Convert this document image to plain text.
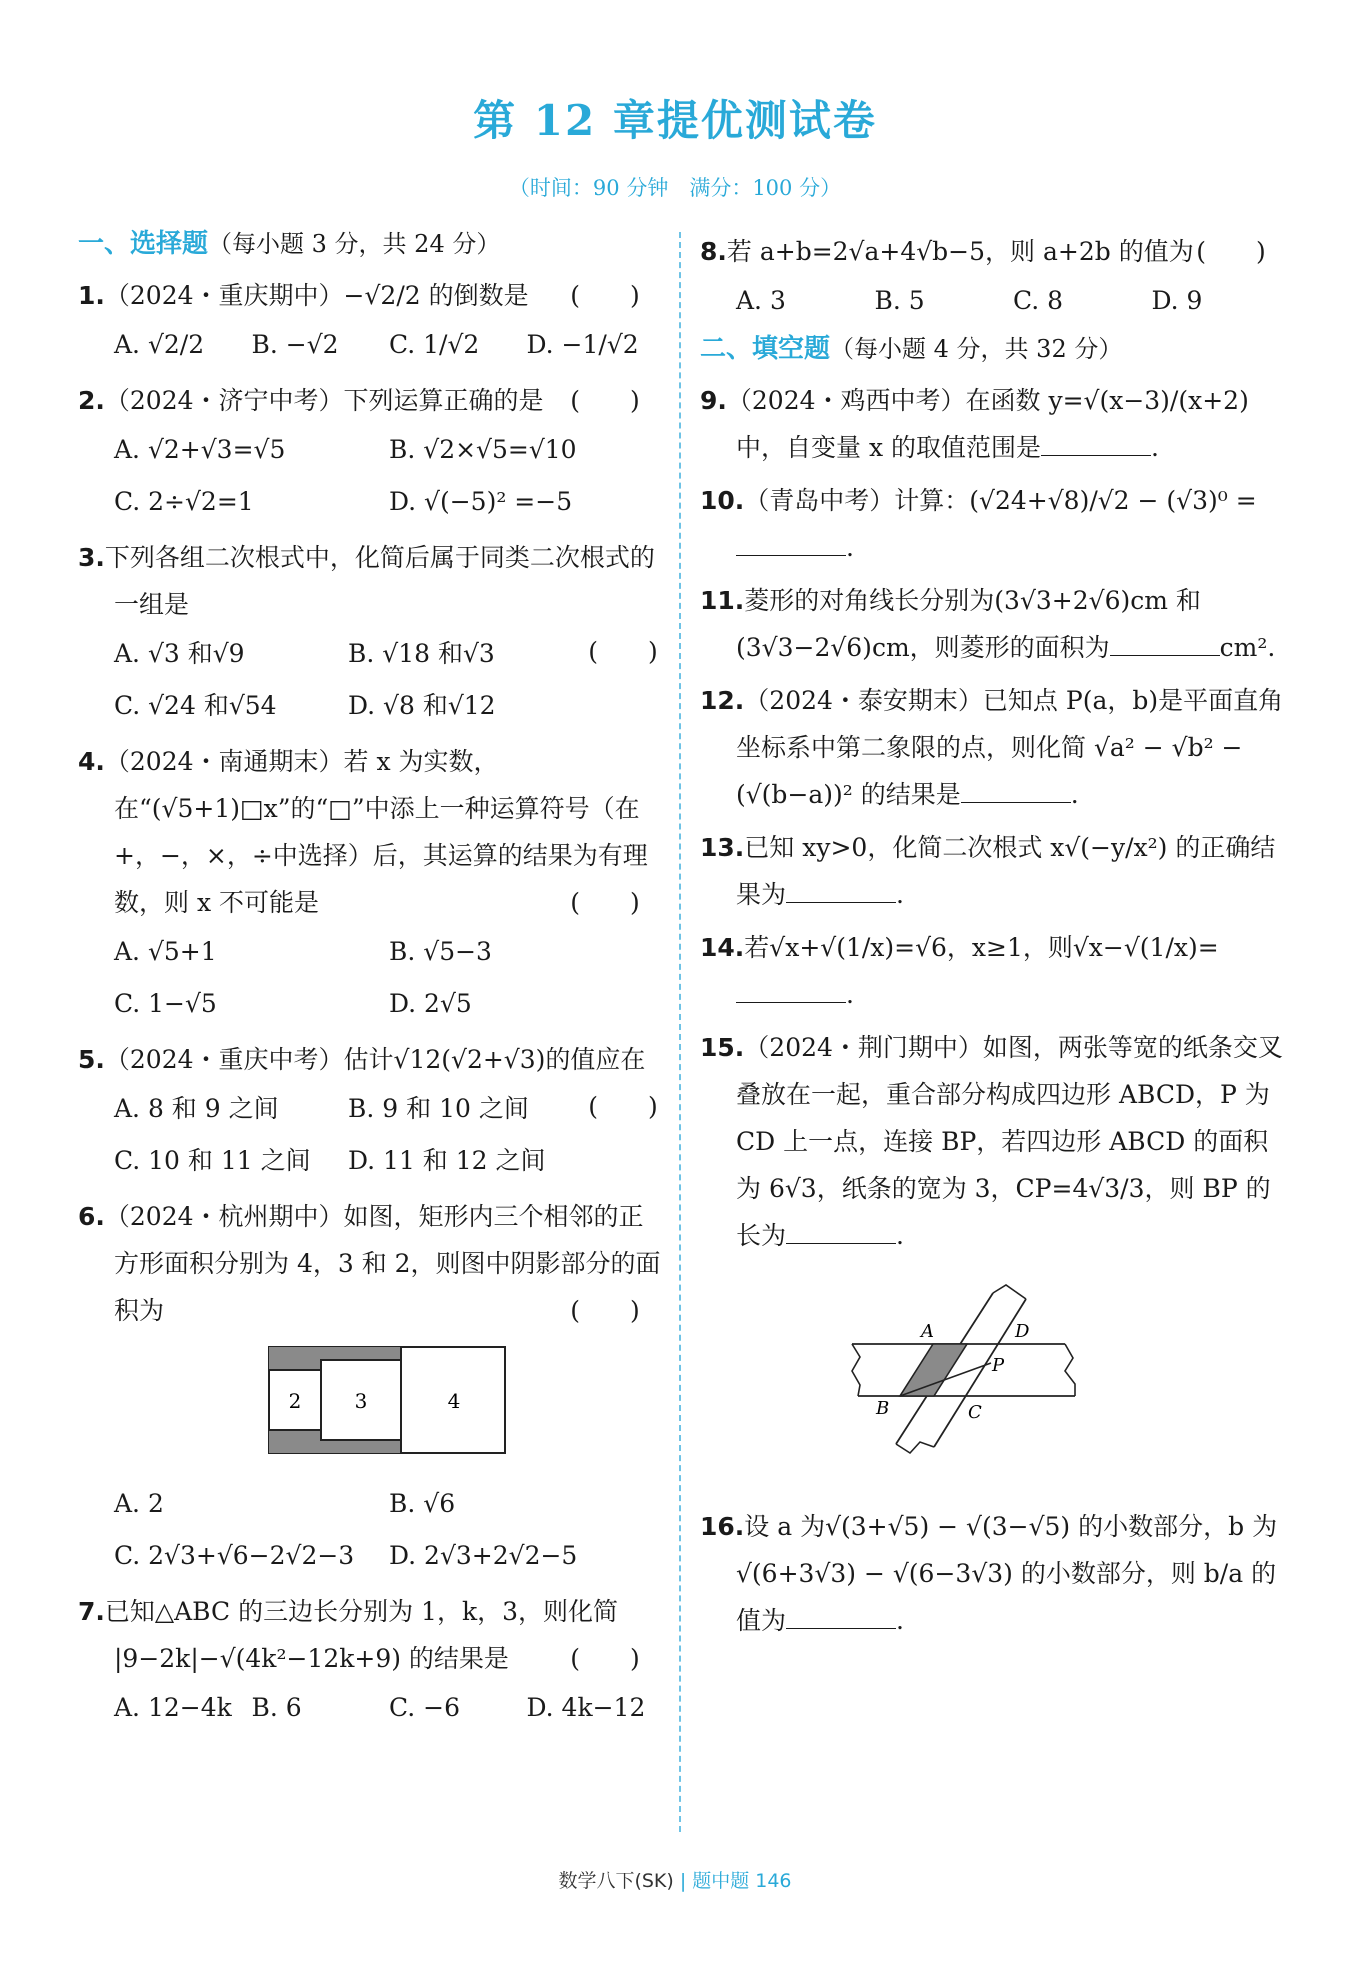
第 12 章提优测试卷
（时间：90 分钟　满分：100 分）
一、选择题（每小题 3 分，共 24 分）
1.	(　　)
（2024・重庆期中）−√2/2 的倒数是
A. √2/2	B. −√2	C. 1/√2	D. −1/√2
2.	(　　)
（2024・济宁中考）下列运算正确的是
A. √2+√3=√5	B. √2×√5=√10
C. 2÷√2=1	D. √(−5)² =−5
3.下列各组二次根式中，化简后属于同类二次根式的一组是
(　　)
A. √3 和√9	B. √18 和√3
C. √24 和√54	D. √8 和√12
4.（2024・南通期末）若 x 为实数，在“(√5+1)□x”的“□”中添上一种运算符号（在+，−，×，÷中选择）后，其运算的结果为有理数，则 x 不可能是	(　　)
A. √5+1	B. √5−3
C. 1−√5	D. 2√5
5.（2024・重庆中考）估计√12(√2+√3)的值应在
(　　)
A. 8 和 9 之间	B. 9 和 10 之间
C. 10 和 11 之间	D. 11 和 12 之间
6.（2024・杭州期中）如图，矩形内三个相邻的正方形面积分别为 4，3 和 2，则图中阴影部分的面积为	(　　)
2	3	4
A. 2	B. √6
C. 2√3+√6−2√2−3	D. 2√3+2√2−5
7.已知△ABC 的三边长分别为 1，k，3，则化简 |9−2k|−√(4k²−12k+9) 的结果是 (　　)
A. 12−4k B. 6	C. −6	D. 4k−12
8.	(　　)
若 a+b=2√a+4√b−5，则 a+2b 的值为
A. 3	B. 5	C. 8	D. 9
二、填空题（每小题 4 分，共 32 分）
9.（2024・鸡西中考）在函数 y=√(x−3)/(x+2) 中，自变量 x 的取值范围是	.
10.（青岛中考）计算：(√24+√8)/√2 − (√3)⁰ =.
11.菱形的对角线长分别为(3√3+2√6)cm 和(3√3−2√6)cm，则菱形的面积为	cm².
12.（2024・泰安期末）已知点 P(a，b)是平面直角坐标系中第二象限的点，则化简 √a² − √b² − (√(b−a))² 的结果是	.
13.已知 xy>0，化简二次根式 x√(−y/x²) 的正确结果为	.
14.若√x+√(1/x)=√6，x≥1，则√x−√(1/x)=.
15.（2024・荆门期中）如图，两张等宽的纸条交叉叠放在一起，重合部分构成四边形 ABCD，P 为 CD 上一点，连接 BP，若四边形 ABCD 的面积为 6√3，纸条的宽为 3，CP=4√3/3，则 BP 的长为	.
A	D
P
B	C
16.设 a 为√(3+√5) − √(3−√5) 的小数部分，b 为√(6+3√3) − √(6−3√3) 的小数部分，则 b/a 的值为	.
数学八下(SK) | 题中题 146
